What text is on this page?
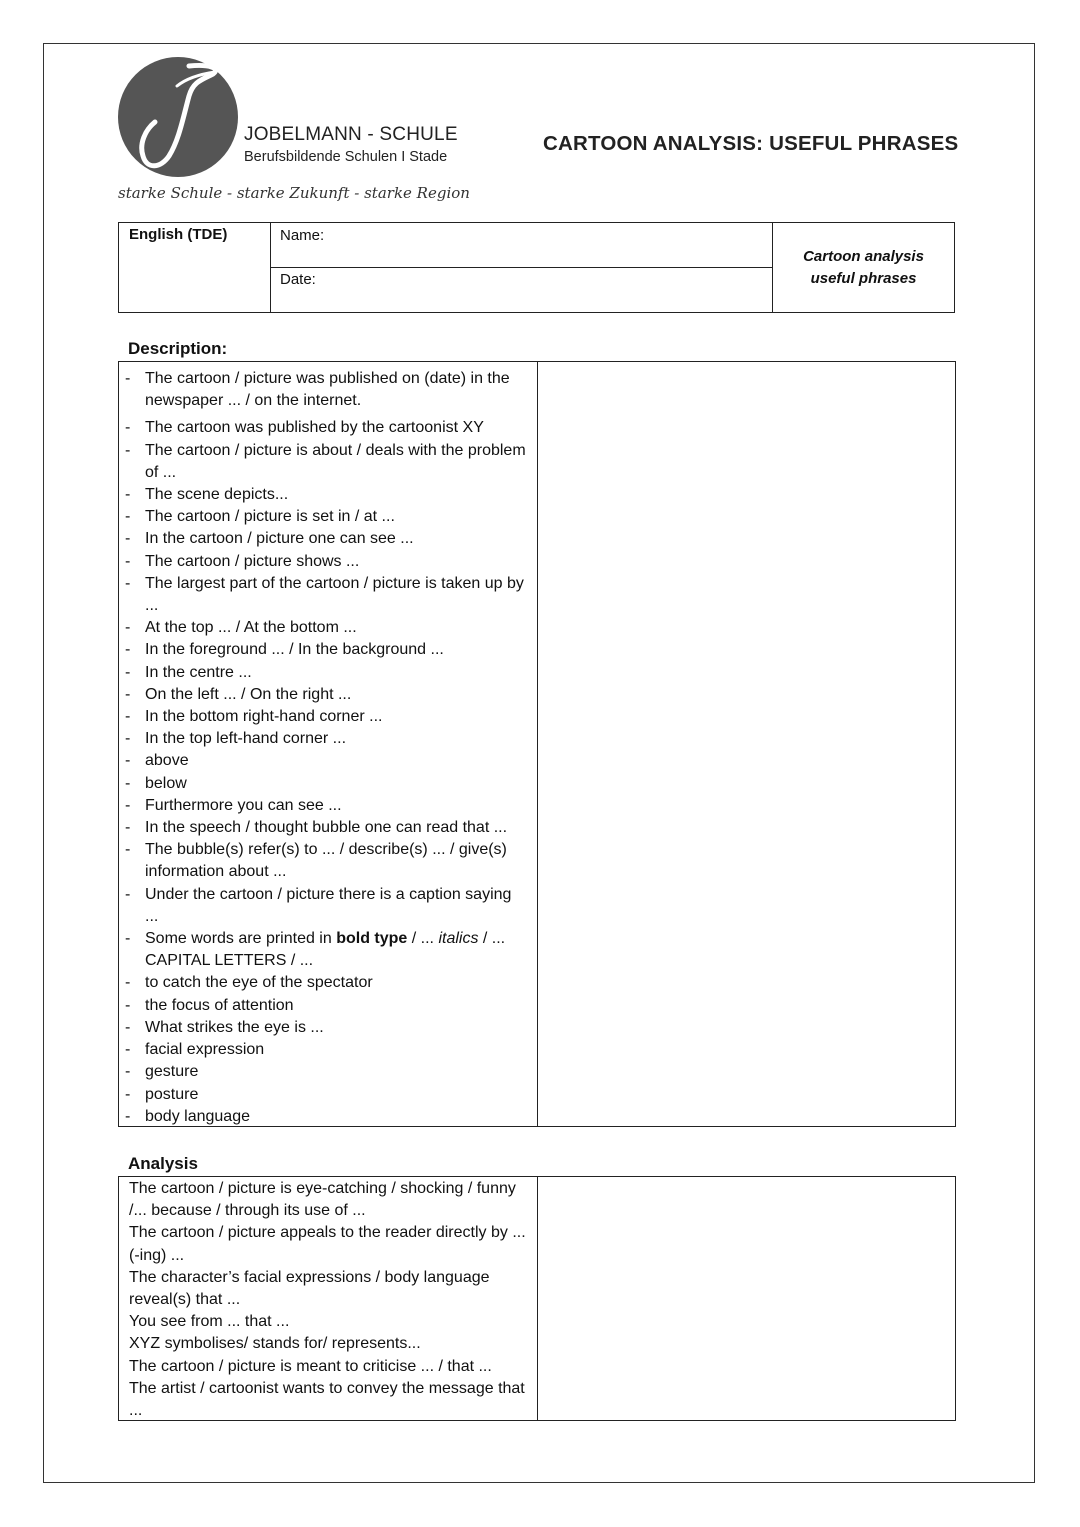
JOBELMANN - SCHULE
Berufsbildende Schulen I Stade
starke Schule - starke Zukunft - starke Region
CARTOON ANALYSIS: USEFUL PHRASES
English (TDE)	Name:
Date:
Cartoon analysis
useful phrases
Description:
- The cartoon / picture was published on (date) in the newspaper ... / on the internet.
- The cartoon was published by the cartoonist XY
- The cartoon / picture is about / deals with the problem of ...
- The scene depicts...
- The cartoon / picture is set in / at ...
- In the cartoon / picture one can see ...
- The cartoon / picture shows ...
- The largest part of the cartoon / picture is taken up by ...
- At the top ... / At the bottom ...
- In the foreground ... / In the background ...
- In the centre ...
- On the left ... / On the right ...
- In the bottom right-hand corner ...
- In the top left-hand corner ...
- above
- below
- Furthermore you can see ...
- In the speech / thought bubble one can read that ...
- The bubble(s) refer(s) to ... / describe(s) ... / give(s) information about ...
- Under the cartoon / picture there is a caption saying ...
- Some words are printed in bold type / ... italics / ... CAPITAL LETTERS / ...
- to catch the eye of the spectator
- the focus of attention
- What strikes the eye is ...
- facial expression
- gesture
- posture
- body language
Analysis

The cartoon / picture is eye-catching / shocking / funny /... because / through its use of ...

The cartoon / picture appeals to the reader directly by ... (-ing) ...

The character’s facial expressions / body language reveal(s) that ...

You see from ... that ...

XYZ symbolises/ stands for/ represents...

The cartoon / picture is meant to criticise ... / that ...

The artist / cartoonist wants to convey the message that ...
